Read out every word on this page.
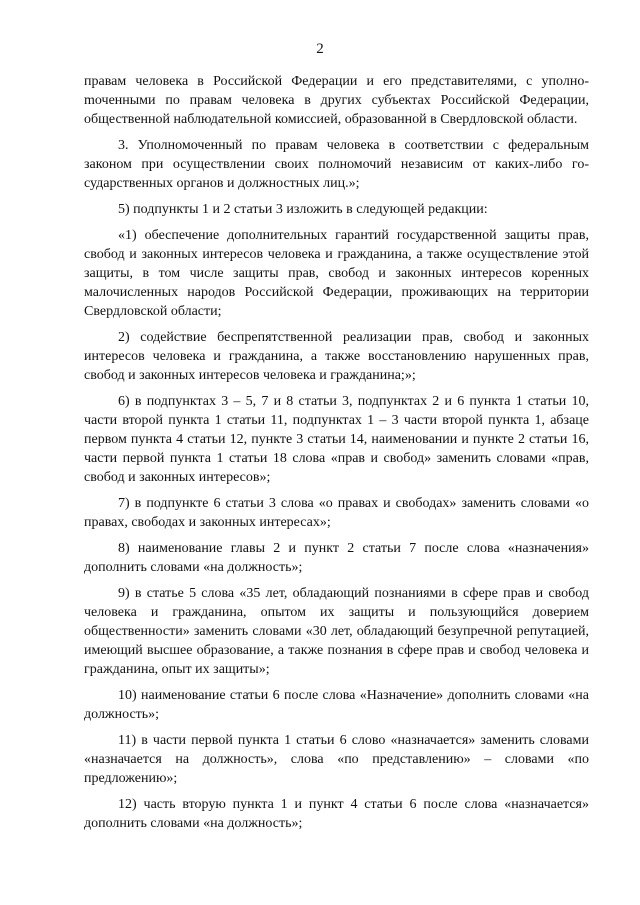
2

правам человека в Российской Федерации и его представителями, с уполноmоченными по правам человека в других субъектах Российской Федерации, общественной наблюдательной комиссией, образованной в Свердловской области.

3. Уполномоченный по правам человека в соответствии с федеральным законом при осуществлении своих полномочий независим от каких-либо государственных органов и должностных лиц.»;

5) подпункты 1 и 2 статьи 3 изложить в следующей редакции:

«1) обеспечение дополнительных гарантий государственной защиты прав, свобод и законных интересов человека и гражданина, а также осуществление этой защиты, в том числе защиты прав, свобод и законных интересов коренных малочисленных народов Российской Федерации, проживающих на территории Свердловской области;

2) содействие беспрепятственной реализации прав, свобод и законных интересов человека и гражданина, а также восстановлению нарушенных прав, свобод и законных интересов человека и гражданина;»;

6) в подпунктах 3 – 5, 7 и 8 статьи 3, подпунктах 2 и 6 пункта 1 статьи 10, части второй пункта 1 статьи 11, подпунктах 1 – 3 части второй пункта 1, абзаце первом пункта 4 статьи 12, пункте 3 статьи 14, наименовании и пункте 2 статьи 16, части первой пункта 1 статьи 18 слова «прав и свобод» заменить словами «прав, свобод и законных интересов»;

7) в подпункте 6 статьи 3 слова «о правах и свободах» заменить словами «о правах, свободах и законных интересах»;

8) наименование главы 2 и пункт 2 статьи 7 после слова «назначения» дополнить словами «на должность»;

9) в статье 5 слова «35 лет, обладающий познаниями в сфере прав и свобод человека и гражданина, опытом их защиты и пользующийся доверием общественности» заменить словами «30 лет, обладающий безупречной репутацией, имеющий высшее образование, а также познания в сфере прав и свобод человека и гражданина, опыт их защиты»;

10) наименование статьи 6 после слова «Назначение» дополнить словами «на должность»;

11) в части первой пункта 1 статьи 6 слово «назначается» заменить словами «назначается на должность», слова «по представлению» – словами «по предложению»;

12) часть вторую пункта 1 и пункт 4 статьи 6 после слова «назначается» дополнить словами «на должность»;
